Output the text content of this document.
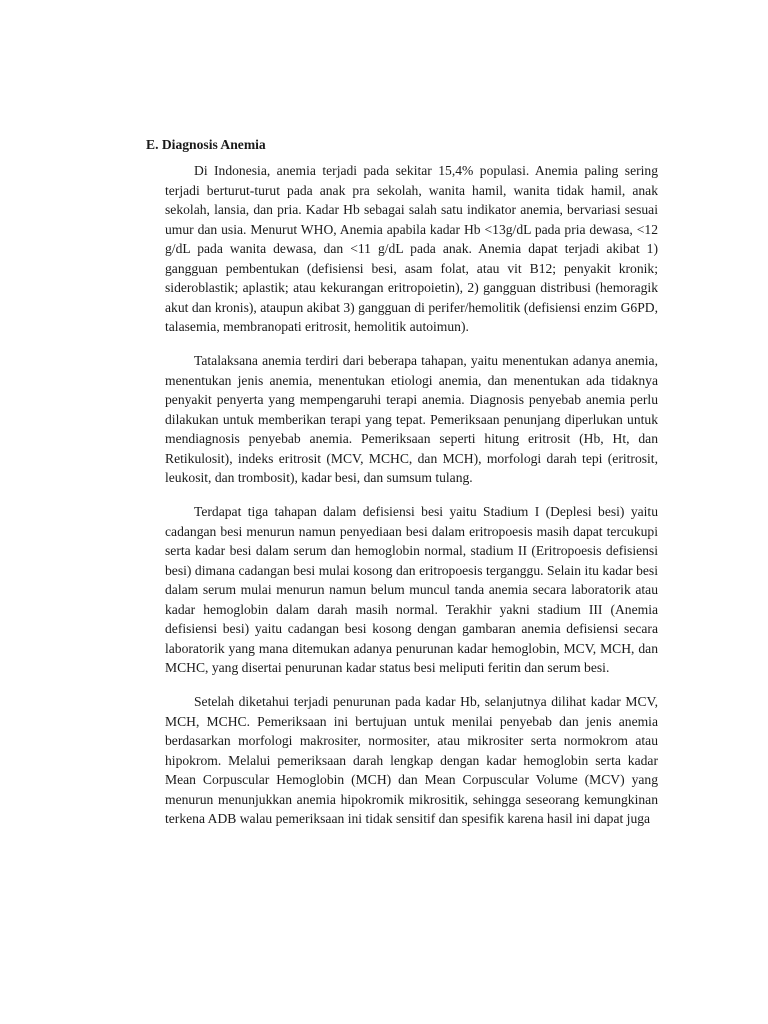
E. Diagnosis Anemia

Di Indonesia, anemia terjadi pada sekitar 15,4% populasi. Anemia paling sering terjadi berturut-turut pada anak pra sekolah, wanita hamil, wanita tidak hamil, anak sekolah, lansia, dan pria. Kadar Hb sebagai salah satu indikator anemia, bervariasi sesuai umur dan usia. Menurut WHO, Anemia apabila kadar Hb <13g/dL pada pria dewasa, <12 g/dL pada wanita dewasa, dan <11 g/dL pada anak. Anemia dapat terjadi akibat 1) gangguan pembentukan (defisiensi besi, asam folat, atau vit B12; penyakit kronik; sideroblastik; aplastik; atau kekurangan eritropoietin), 2) gangguan distribusi (hemoragik akut dan kronis), ataupun akibat 3) gangguan di perifer/hemolitik (defisiensi enzim G6PD, talasemia, membranopati eritrosit, hemolitik autoimun).

Tatalaksana anemia terdiri dari beberapa tahapan, yaitu menentukan adanya anemia, menentukan jenis anemia, menentukan etiologi anemia, dan menentukan ada tidaknya penyakit penyerta yang mempengaruhi terapi anemia. Diagnosis penyebab anemia perlu dilakukan untuk memberikan terapi yang tepat. Pemeriksaan penunjang diperlukan untuk mendiagnosis penyebab anemia. Pemeriksaan seperti hitung eritrosit (Hb, Ht, dan Retikulosit), indeks eritrosit (MCV, MCHC, dan MCH), morfologi darah tepi (eritrosit, leukosit, dan trombosit), kadar besi, dan sumsum tulang.

Terdapat tiga tahapan dalam defisiensi besi yaitu Stadium I (Deplesi besi) yaitu cadangan besi menurun namun penyediaan besi dalam eritropoesis masih dapat tercukupi serta kadar besi dalam serum dan hemoglobin normal, stadium II (Eritropoesis defisiensi besi) dimana cadangan besi mulai kosong dan eritropoesis terganggu. Selain itu kadar besi dalam serum mulai menurun namun belum muncul tanda anemia secara laboratorik atau kadar hemoglobin dalam darah masih normal. Terakhir yakni stadium III (Anemia defisiensi besi) yaitu cadangan besi kosong dengan gambaran anemia defisiensi secara laboratorik yang mana ditemukan adanya penurunan kadar hemoglobin, MCV, MCH, dan MCHC, yang disertai penurunan kadar status besi meliputi feritin dan serum besi.

Setelah diketahui terjadi penurunan pada kadar Hb, selanjutnya dilihat kadar MCV, MCH, MCHC. Pemeriksaan ini bertujuan untuk menilai penyebab dan jenis anemia berdasarkan morfologi makrositer, normositer, atau mikrositer serta normokrom atau hipokrom. Melalui pemeriksaan darah lengkap dengan kadar hemoglobin serta kadar Mean Corpuscular Hemoglobin (MCH) dan Mean Corpuscular Volume (MCV) yang menurun menunjukkan anemia hipokromik mikrositik, sehingga seseorang kemungkinan terkena ADB walau pemeriksaan ini tidak sensitif dan spesifik karena hasil ini dapat juga
